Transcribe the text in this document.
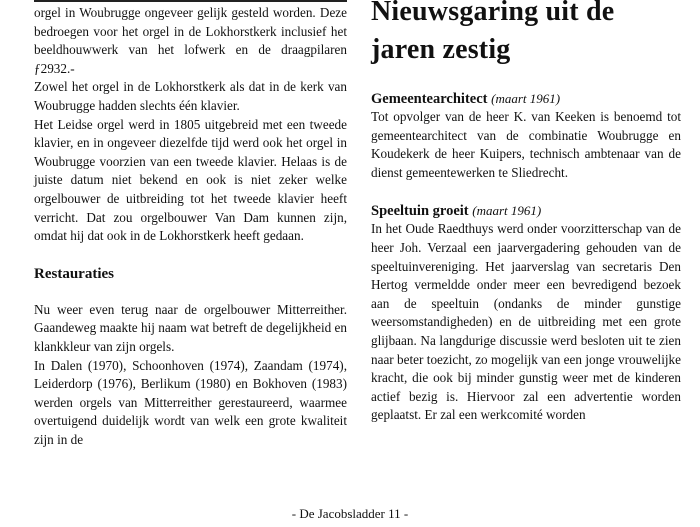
orgel in Woubrugge ongeveer gelijk gesteld worden. Deze bedroegen voor het orgel in de Lokhorstkerk inclusief het beeldhouwwerk van het lofwerk en de draagpilaren ƒ2932.-

Zowel het orgel in de Lokhorstkerk als dat in de kerk van Woubrugge hadden slechts één klavier.

Het Leidse orgel werd in 1805 uitgebreid met een tweede klavier, en in ongeveer diezelfde tijd werd ook het orgel in Woubrugge voorzien van een tweede klavier. Helaas is de juiste datum niet bekend en ook is niet zeker welke orgelbouwer de uitbreiding tot het tweede klavier heeft verricht. Dat zou orgelbouwer Van Dam kunnen zijn, omdat hij dat ook in de Lokhorstkerk heeft gedaan.

Restauraties

Nu weer even terug naar de orgelbouwer Mitterreither. Gaandeweg maakte hij naam wat betreft de degelijkheid en klankkleur van zijn orgels.

In Dalen (1970), Schoonhoven (1974), Zaandam (1974), Leiderdorp (1976), Berlikum (1980) en Bokhoven (1983) werden orgels van Mitterreither gerestaureerd, waarmee overtuigend duidelijk wordt van welk een grote kwaliteit zijn in de

Nieuwsgaring uit de jaren zestig

Gemeentearchitect (maart 1961)

Tot opvolger van de heer K. van Keeken is benoemd tot gemeentearchitect van de combinatie Woubrugge en Koudekerk de heer Kuipers, technisch ambtenaar van de dienst gemeentewerken te Sliedrecht.

Speeltuin groeit (maart 1961)

In het Oude Raedthuys werd onder voorzitterschap van de heer Joh. Verzaal een jaarvergadering gehouden van de speeltuinvereniging. Het jaarverslag van secretaris Den Hertog vermeldde onder meer een bevredigend bezoek aan de speeltuin (ondanks de minder gunstige weersomstandigheden) en de uitbreiding met een grote glijbaan. Na langdurige discussie werd besloten uit te zien naar beter toezicht, zo mogelijk van een jonge vrouwelijke kracht, die ook bij minder gunstig weer met de kinderen actief bezig is. Hiervoor zal een advertentie worden geplaatst. Er zal een werkcomité worden

- De Jacobsladder 11 -
